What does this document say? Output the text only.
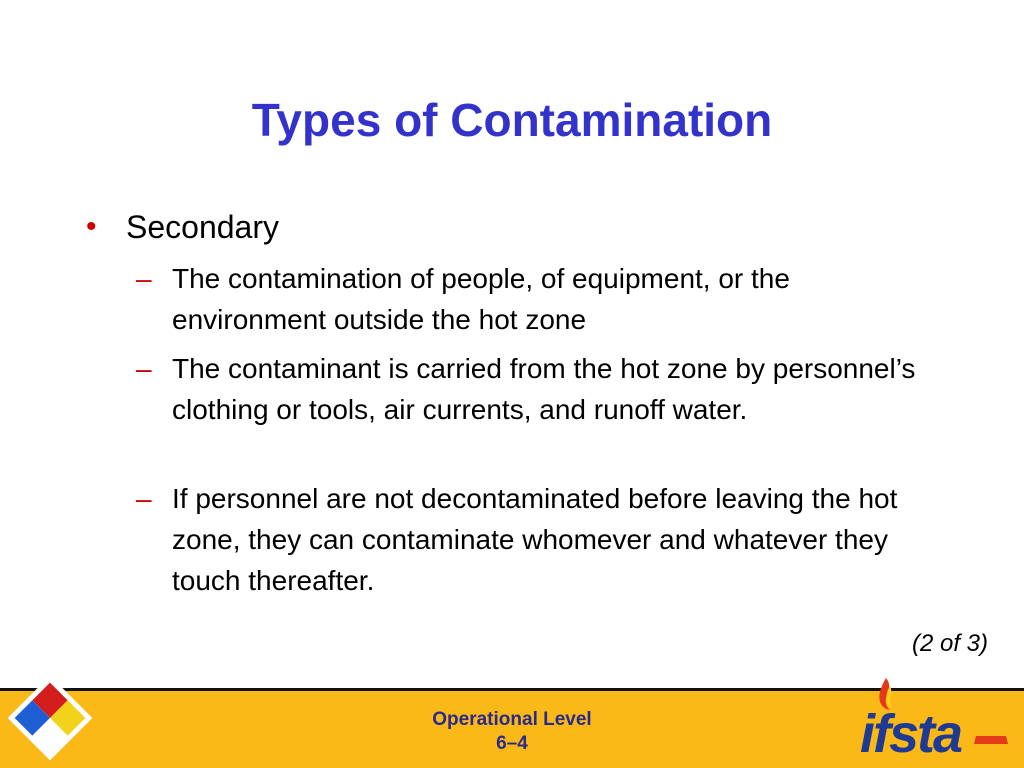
Types of Contamination
• Secondary
– The contamination of people, of equipment, or the environment outside the hot zone
– The contaminant is carried from the hot zone by personnel’s clothing or tools, air currents, and runoff water.
– If personnel are not decontaminated before leaving the hot zone, they can contaminate whomever and whatever they touch thereafter.
(2 of 3)
Operational Level
6–4	ifsta
